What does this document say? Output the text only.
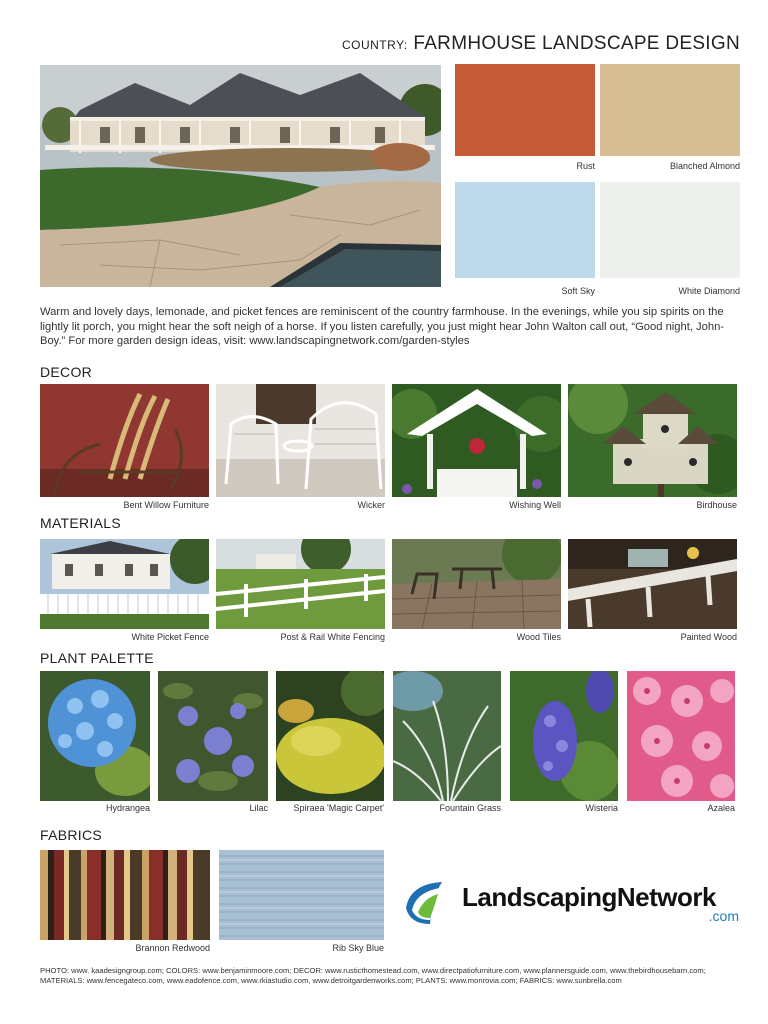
COUNTRY: FARMHOUSE LANDSCAPE DESIGN
Rust	Blanched Almond
Soft Sky	White Diamond
Warm and lovely days, lemonade, and picket fences are reminiscent of the country farmhouse. In the evenings, while you sip spirits on the lightly lit porch, you might hear the soft neigh of a horse. If you listen carefully, you just might hear John Walton call out, “Good night, John-Boy.” For more garden design ideas, visit: www.landscapingnetwork.com/garden-styles
DECOR
Bent Willow Furniture	Wicker	Wishing Well	Birdhouse
MATERIALS
White Picket Fence	Post & Rail White Fencing	Wood Tiles	Painted Wood
PLANT PALETTE
Hydrangea	Lilac	Spiraea 'Magic Carpet'	Fountain Grass	Wisteria	Azalea
FABRICS
Brannon Redwood	Rib Sky Blue
LandscapingNetwork
.com
PHOTO: www. kaadesigngroup.com; COLORS: www.benjaminmoore.com; DECOR: www.rusticthomestead.com, www.directpatiofurniture.com, www.plannersguide.com, www.thebirdhousebarn.com; MATERIALS: www.fencegateco.com, www.eadofence.com, www.rkiastudio.com, www.detroitgardenworks.com; PLANTS: www.monrovia.com; FABRICS: www.sunbrella.com
